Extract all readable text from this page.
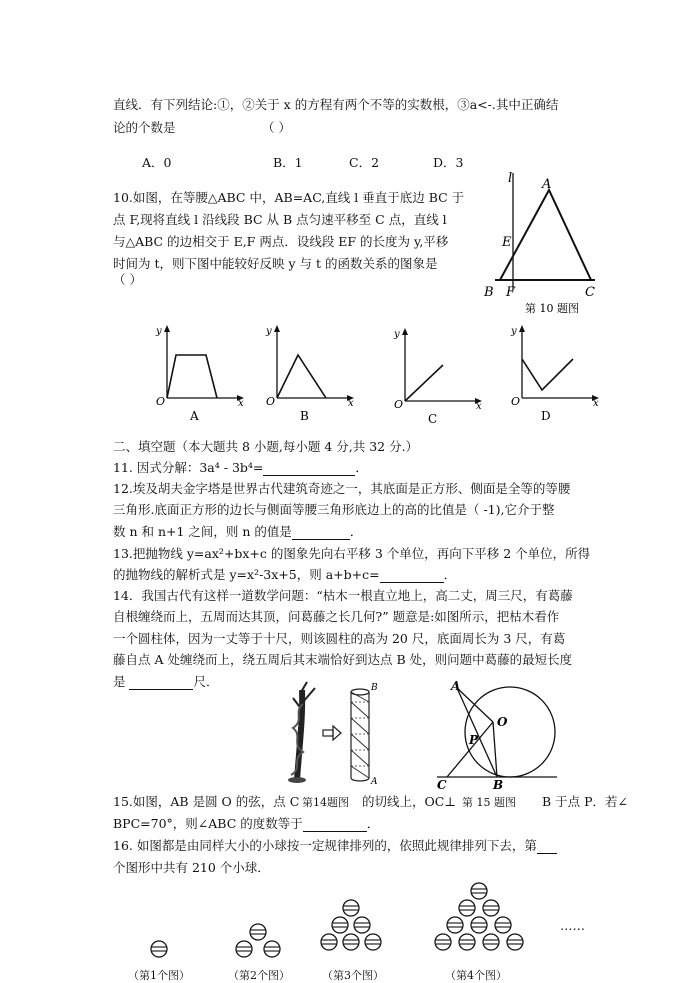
直线．有下列结论:①，②关于 x 的方程有两个不等的实数根，③a<-.其中正确结
论的个数是	（ ）
A．0	B．1	C．2	D．3
10.如图，在等腰△ABC 中，AB=AC,直线 l 垂直于底边 BC 于
点 F,现将直线 l 沿线段 BC 从 B 点匀速平移至 C 点，直线 l
与△ABC 的边相交于 E,F 两点．设线段 EF 的长度为 y,平移
时间为 t，则下图中能较好反映 y 与 t 的函数关系的图象是
（ ）
l A
E
B F	C
第 10 题图
y
x
O
A
y
x
O
B
y
x
O
C
y
x
O
D
二、填空题（本大题共 8 小题,每小题 4 分,共 32 分.）
11. 因式分解：3a⁴ - 3b⁴=	．
12.埃及胡夫金字塔是世界古代建筑奇迹之一，其底面是正方形、侧面是全等的等腰
三角形.底面正方形的边长与侧面等腰三角形底边上的高的比值是（ -1),它介于整
数 n 和 n+1 之间，则 n 的值是	．
13.把抛物线 y=ax²+bx+c 的图象先向右平移 3 个单位，再向下平移 2 个单位，所得
的抛物线的解析式是 y=x²-3x+5，则 a+b+c=	．
14．我国古代有这样一道数学问题：“枯木一根直立地上，高二丈，周三尺，有葛藤
自根缠绕而上，五周而达其顶，问葛藤之长几何?” 题意是:如图所示，把枯木看作
一个圆柱体，因为一丈等于十尺，则该圆柱的高为 20 尺，底面周长为 3 尺，有葛
藤自点 A 处缠绕而上，绕五周后其末端恰好到达点 B 处，则问题中葛藤的最短长度
是	尺．	B
A
A
O
P
C	B
15.如图，AB 是圆 O 的弦，点 C 第14题图 的切线上，OC⊥ 第 15 题图 B 于点 P．若∠
BPC=70°，则∠ABC 的度数等于	．
16. 如图都是由同样大小的小球按一定规律排列的，依照此规律排列下去，第
个图形中共有 210 个小球．
……
（第1个图）	（第2个图）	（第3个图）	（第4个图）
